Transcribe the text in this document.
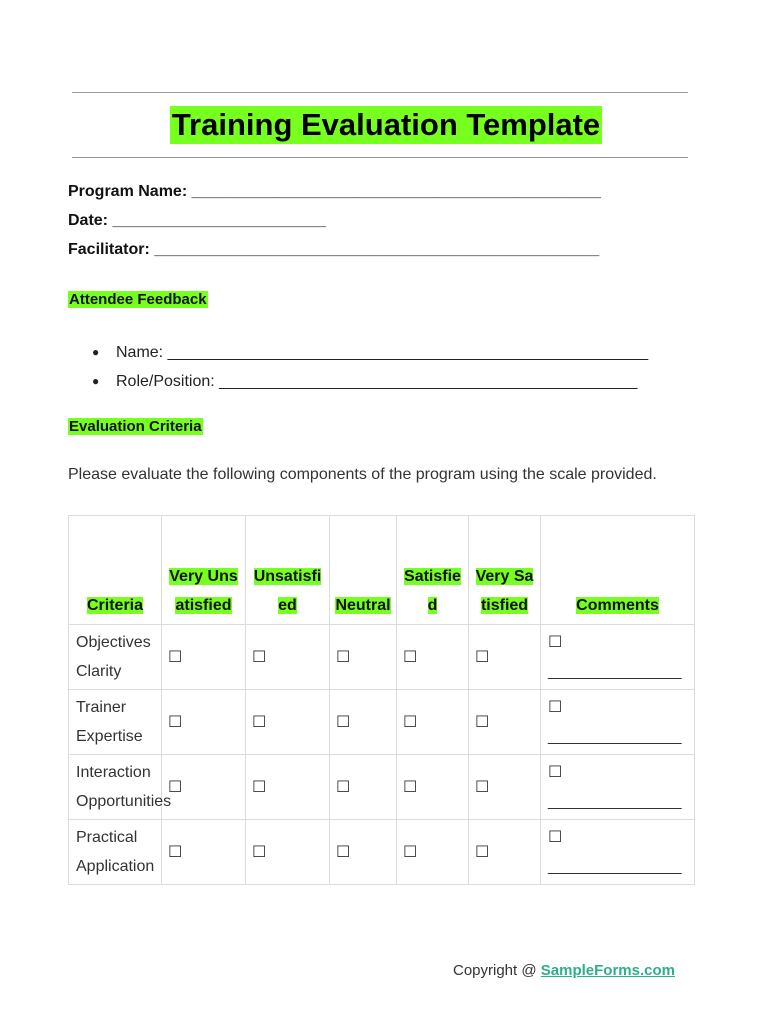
Training Evaluation Template
Program Name: ______________________________________________
Date: ________________________
Facilitator: __________________________________________________
Attendee Feedback
● Name: ______________________________________________________
● Role/Position: _______________________________________________
Evaluation Criteria
Please evaluate the following components of the program using the scale provided.
Criteria	Very Unsatisfied	Unsatisfied	Neutral	Satisfied	Very Satisfied	Comments
Objectives Clarity	☐	☐	☐	☐	☐	☐
_______________

Trainer Expertise	☐	☐	☐	☐	☐	☐
_______________

Interaction Opportunities	☐	☐	☐	☐	☐	☐
_______________

Practical Application	☐	☐	☐	☐	☐	☐
_______________
Copyright @ SampleForms.com
